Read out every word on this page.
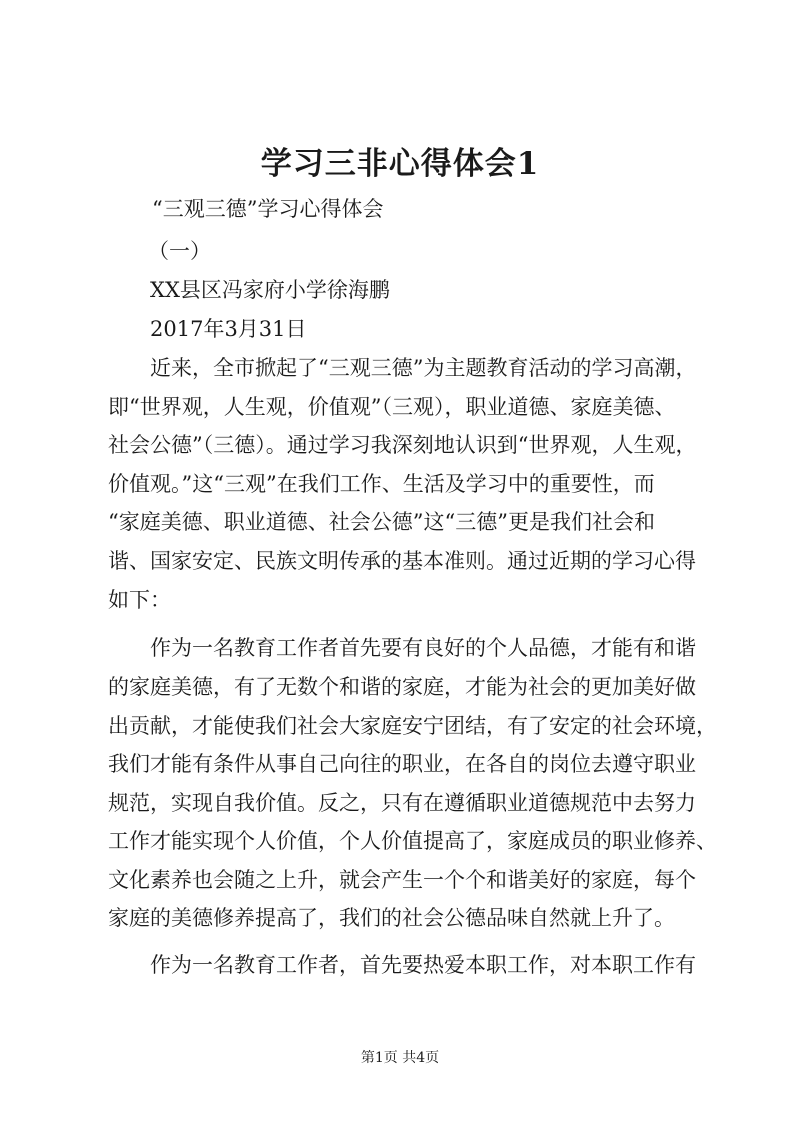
学习三非心得体会1
“三观三德”学习心得体会
（一）
XX县区冯家府小学徐海鹏
2017年3月31日
近来，全市掀起了“三观三德”为主题教育活动的学习高潮，
即“世界观，人生观，价值观”（三观），职业道德、家庭美德、
社会公德”（三德）。通过学习我深刻地认识到“世界观，人生观，
价值观。”这“三观”在我们工作、生活及学习中的重要性，而
“家庭美德、职业道德、社会公德”这“三德”更是我们社会和
谐、国家安定、民族文明传承的基本准则。通过近期的学习心得
如下：
作为一名教育工作者首先要有良好的个人品德，才能有和谐
的家庭美德，有了无数个和谐的家庭，才能为社会的更加美好做
出贡献，才能使我们社会大家庭安宁团结，有了安定的社会环境，
我们才能有条件从事自己向往的职业，在各自的岗位去遵守职业
规范，实现自我价值。反之，只有在遵循职业道德规范中去努力
工作才能实现个人价值，个人价值提高了，家庭成员的职业修养、
文化素养也会随之上升，就会产生一个个和谐美好的家庭，每个
家庭的美德修养提高了，我们的社会公德品味自然就上升了。
作为一名教育工作者，首先要热爱本职工作，对本职工作有
第1页 共4页
